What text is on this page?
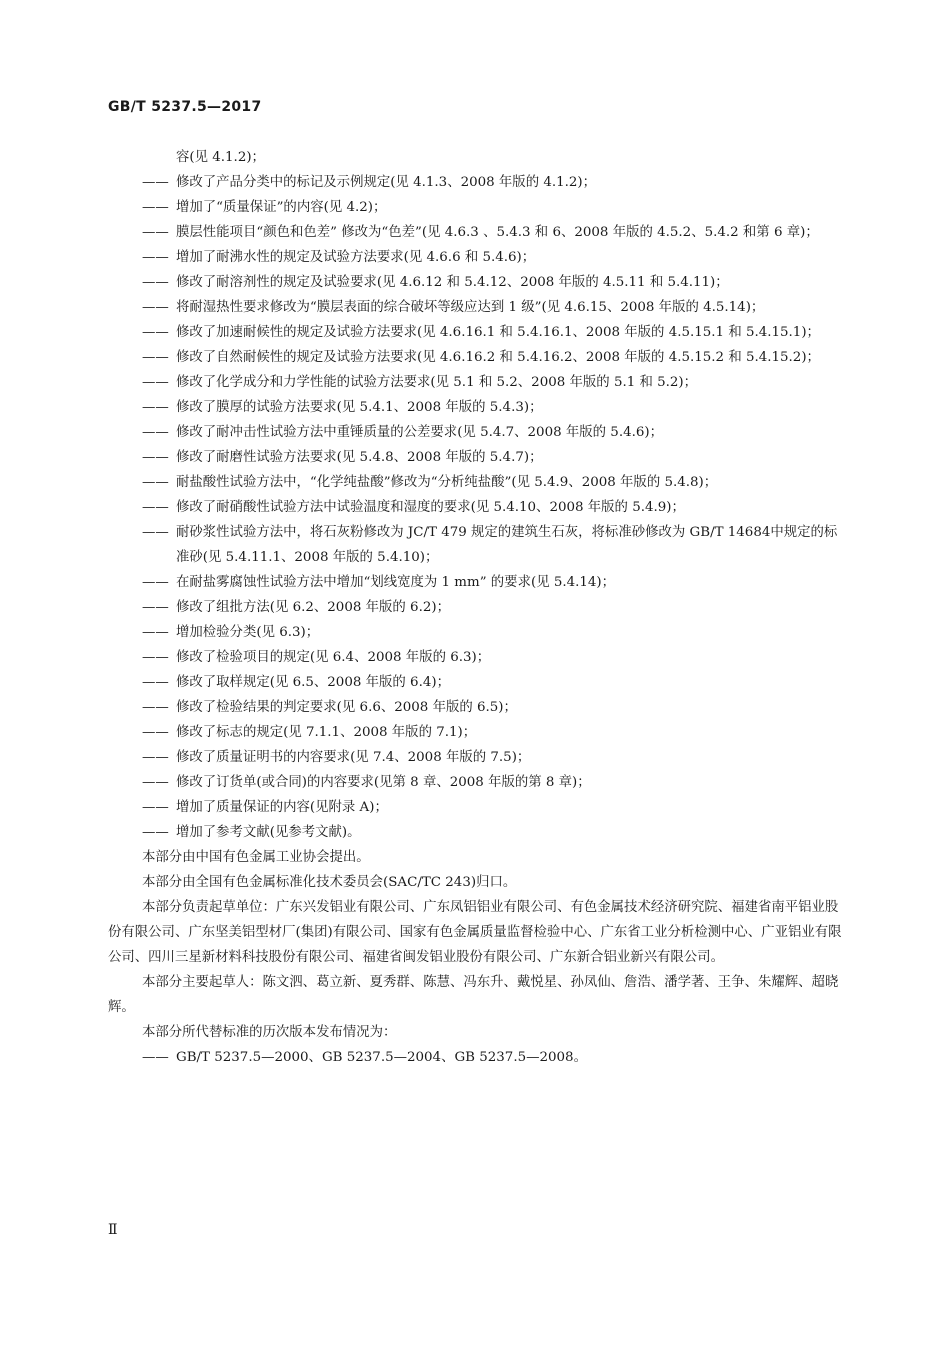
GB/T 5237.5—2017
容(见 4.1.2)；
—— 修改了产品分类中的标记及示例规定(见 4.1.3、2008 年版的 4.1.2)；
—— 增加了“质量保证”的内容(见 4.2)；
—— 膜层性能项目“颜色和色差” 修改为“色差”(见 4.6.3 、5.4.3 和 6、2008 年版的 4.5.2、5.4.2 和第 6 章)；
—— 增加了耐沸水性的规定及试验方法要求(见 4.6.6 和 5.4.6)；
—— 修改了耐溶剂性的规定及试验要求(见 4.6.12 和 5.4.12、2008 年版的 4.5.11 和 5.4.11)；
—— 将耐湿热性要求修改为“膜层表面的综合破坏等级应达到 1 级”(见 4.6.15、2008 年版的 4.5.14)；
—— 修改了加速耐候性的规定及试验方法要求(见 4.6.16.1 和 5.4.16.1、2008 年版的 4.5.15.1 和 5.4.15.1)；
—— 修改了自然耐候性的规定及试验方法要求(见 4.6.16.2 和 5.4.16.2、2008 年版的 4.5.15.2 和 5.4.15.2)；
—— 修改了化学成分和力学性能的试验方法要求(见 5.1 和 5.2、2008 年版的 5.1 和 5.2)；
—— 修改了膜厚的试验方法要求(见 5.4.1、2008 年版的 5.4.3)；
—— 修改了耐冲击性试验方法中重锤质量的公差要求(见 5.4.7、2008 年版的 5.4.6)；
—— 修改了耐磨性试验方法要求(见 5.4.8、2008 年版的 5.4.7)；
—— 耐盐酸性试验方法中，“化学纯盐酸”修改为“分析纯盐酸”(见 5.4.9、2008 年版的 5.4.8)；
—— 修改了耐硝酸性试验方法中试验温度和湿度的要求(见 5.4.10、2008 年版的 5.4.9)；
—— 耐砂浆性试验方法中，将石灰粉修改为 JC/T 479 规定的建筑生石灰，将标准砂修改为 GB/T 14684中规定的标准砂(见 5.4.11.1、2008 年版的 5.4.10)；
—— 在耐盐雾腐蚀性试验方法中增加“划线宽度为 1 mm” 的要求(见 5.4.14)；
—— 修改了组批方法(见 6.2、2008 年版的 6.2)；
—— 增加检验分类(见 6.3)；
—— 修改了检验项目的规定(见 6.4、2008 年版的 6.3)；
—— 修改了取样规定(见 6.5、2008 年版的 6.4)；
—— 修改了检验结果的判定要求(见 6.6、2008 年版的 6.5)；
—— 修改了标志的规定(见 7.1.1、2008 年版的 7.1)；
—— 修改了质量证明书的内容要求(见 7.4、2008 年版的 7.5)；
—— 修改了订货单(或合同)的内容要求(见第 8 章、2008 年版的第 8 章)；
—— 增加了质量保证的内容(见附录 A)；
—— 增加了参考文献(见参考文献)。
本部分由中国有色金属工业协会提出。
本部分由全国有色金属标准化技术委员会(SAC/TC 243)归口。
本部分负责起草单位：广东兴发铝业有限公司、广东凤铝铝业有限公司、有色金属技术经济研究院、福建省南平铝业股份有限公司、广东坚美铝型材厂(集团)有限公司、国家有色金属质量监督检验中心、广东省工业分析检测中心、广亚铝业有限公司、四川三星新材料科技股份有限公司、福建省闽发铝业股份有限公司、广东新合铝业新兴有限公司。
本部分主要起草人：陈文泗、葛立新、夏秀群、陈慧、冯东升、戴悦星、孙凤仙、詹浩、潘学著、王争、朱耀辉、超晓辉。
本部分所代替标准的历次版本发布情况为：
—— GB/T 5237.5—2000、GB 5237.5—2004、GB 5237.5—2008。
Ⅱ
